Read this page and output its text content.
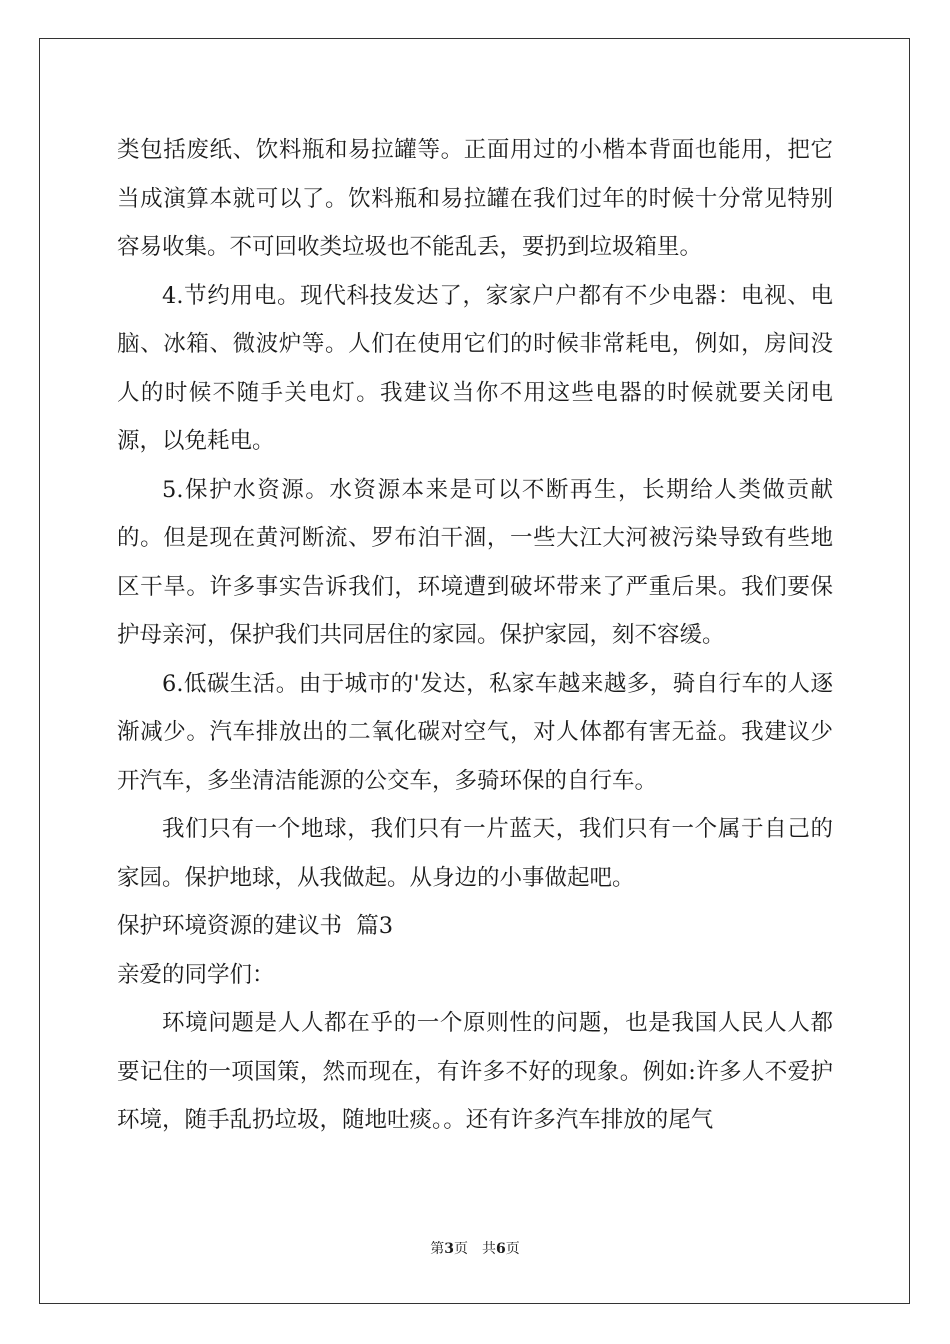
类包括废纸、饮料瓶和易拉罐等。正面用过的小楷本背面也能用，把它当成演算本就可以了。饮料瓶和易拉罐在我们过年的时候十分常见特别容易收集。不可回收类垃圾也不能乱丢，要扔到垃圾箱里。

4.节约用电。现代科技发达了，家家户户都有不少电器：电视、电脑、冰箱、微波炉等。人们在使用它们的时候非常耗电，例如，房间没人的时候不随手关电灯。我建议当你不用这些电器的时候就要关闭电源，以免耗电。

5.保护水资源。水资源本来是可以不断再生，长期给人类做贡献的。但是现在黄河断流、罗布泊干涸，一些大江大河被污染导致有些地区干旱。许多事实告诉我们，环境遭到破坏带来了严重后果。我们要保护母亲河，保护我们共同居住的家园。保护家园，刻不容缓。

6.低碳生活。由于城市的'发达，私家车越来越多，骑自行车的人逐渐减少。汽车排放出的二氧化碳对空气，对人体都有害无益。我建议少开汽车，多坐清洁能源的公交车，多骑环保的自行车。

我们只有一个地球，我们只有一片蓝天，我们只有一个属于自己的家园。保护地球，从我做起。从身边的小事做起吧。

保护环境资源的建议书  篇3

亲爱的同学们：

环境问题是人人都在乎的一个原则性的问题，也是我国人民人人都要记住的一项国策，然而现在，有许多不好的现象。例如:许多人不爱护环境，随手乱扔垃圾，随地吐痰。。还有许多汽车排放的尾气

第3页 共6页
